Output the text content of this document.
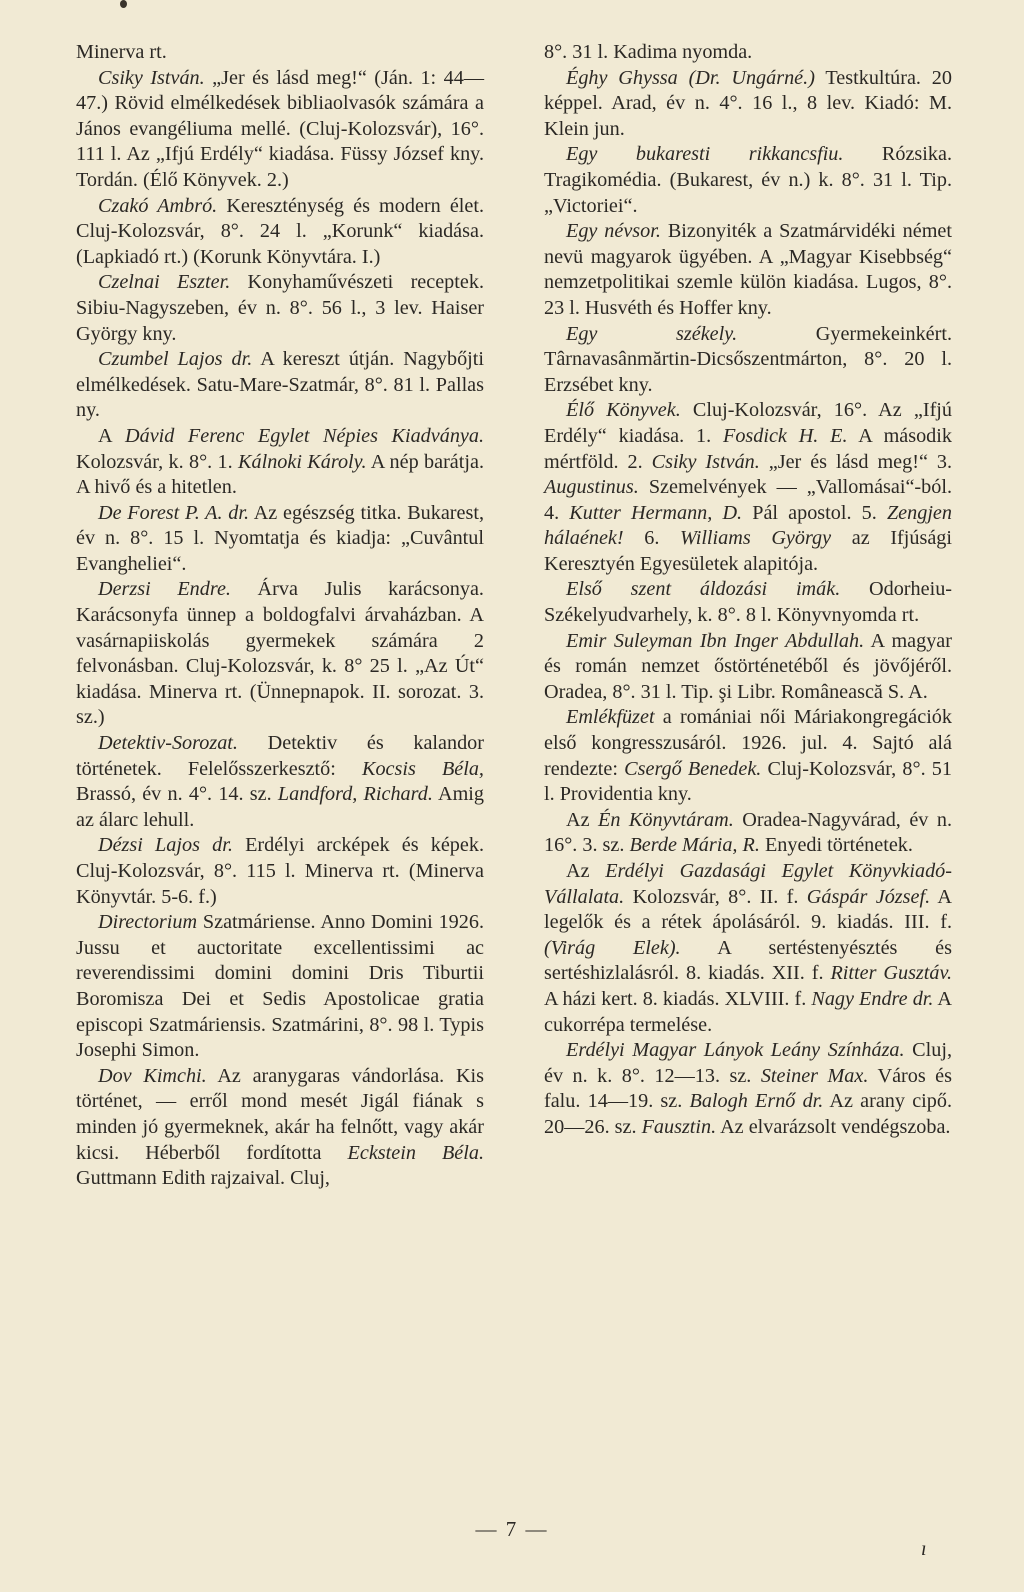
Minerva rt.

Csiky István. „Jer és lásd meg!“ (Ján. 1: 44—47.) Rövid elmélkedések bibliaolvasók számára a János evangéliuma mellé. (Cluj-Kolozsvár), 16°. 111 l. Az „Ifjú Erdély“ kiadása. Füssy József kny. Tordán. (Élő Könyvek. 2.)

Czakó Ambró. Kereszténység és modern élet. Cluj-Kolozsvár, 8°. 24 l. „Korunk“ kiadása. (Lapkiadó rt.) (Korunk Könyvtára. I.)

Czelnai Eszter. Konyhaművészeti receptek. Sibiu-Nagyszeben, év n. 8°. 56 l., 3 lev. Haiser György kny.

Czumbel Lajos dr. A kereszt útján. Nagybőjti elmélkedések. Satu-Mare-Szatmár, 8°. 81 l. Pallas ny.

A Dávid Ferenc Egylet Népies Kiadványa. Kolozsvár, k. 8°. 1. Kálnoki Károly. A nép barátja. A hivő és a hitetlen.

De Forest P. A. dr. Az egészség titka. Bukarest, év n. 8°. 15 l. Nyomtatja és kiadja: „Cuvântul Evangheliei“.

Derzsi Endre. Árva Julis karácsonya. Karácsonyfa ünnep a boldogfalvi árvaházban. A vasárnapiiskolás gyermekek számára 2 felvonásban. Cluj-Kolozsvár, k. 8° 25 l. „Az Út“ kiadása. Minerva rt. (Ünnepnapok. II. sorozat. 3. sz.)

Detektiv-Sorozat. Detektiv és kalandor történetek. Felelősszerkesztő: Kocsis Béla, Brassó, év n. 4°. 14. sz. Landford, Richard. Amig az álarc lehull.

Dézsi Lajos dr. Erdélyi arcképek és képek. Cluj-Kolozsvár, 8°. 115 l. Minerva rt. (Minerva Könyvtár. 5-6. f.)

Directorium Szatmáriense. Anno Domini 1926. Jussu et auctoritate excellentissimi ac reverendissimi domini domini Dris Tiburtii Boromisza Dei et Sedis Apostolicae gratia episcopi Szatmáriensis. Szatmárini, 8°. 98 l. Typis Josephi Simon.

Dov Kimchi. Az aranygaras vándorlása. Kis történet, — erről mond mesét Jigál fiának s minden jó gyermeknek, akár ha felnőtt, vagy akár kicsi. Héberből fordította Eckstein Béla. Guttmann Edith rajzaival. Cluj,

8°. 31 l. Kadima nyomda.

Éghy Ghyssa (Dr. Ungárné.) Testkultúra. 20 képpel. Arad, év n. 4°. 16 l., 8 lev. Kiadó: M. Klein jun.

Egy bukaresti rikkancsfiu. Rózsika. Tragikomédia. (Bukarest, év n.) k. 8°. 31 l. Tip. „Victoriei“.

Egy névsor. Bizonyiték a Szatmárvidéki német nevü magyarok ügyében. A „Magyar Kisebbség“ nemzetpolitikai szemle külön kiadása. Lugos, 8°. 23 l. Husvéth és Hoffer kny.

Egy székely. Gyermekeinkért. Târnavasânmărtin-Dicsőszentmárton, 8°. 20 l. Erzsébet kny.

Élő Könyvek. Cluj-Kolozsvár, 16°. Az „Ifjú Erdély“ kiadása. 1. Fosdick H. E. A második mértföld. 2. Csiky István. „Jer és lásd meg!“ 3. Augustinus. Szemelvények — „Vallomásai“-ból. 4. Kutter Hermann, D. Pál apostol. 5. Zengjen hálaének! 6. Williams György az Ifjúsági Keresztyén Egyesületek alapitója.

Első szent áldozási imák. Odorheiu-Székelyudvarhely, k. 8°. 8 l. Könyvnyomda rt.

Emir Suleyman Ibn Inger Abdullah. A magyar és román nemzet őstörténetéből és jövőjéről. Oradea, 8°. 31 l. Tip. şi Libr. Românească S. A.

Emlékfüzet a romániai női Máriakongregációk első kongresszusáról. 1926. jul. 4. Sajtó alá rendezte: Csergő Benedek. Cluj-Kolozsvár, 8°. 51 l. Providentia kny.

Az Én Könyvtáram. Oradea-Nagyvárad, év n. 16°. 3. sz. Berde Mária, R. Enyedi történetek.

Az Erdélyi Gazdasági Egylet Könyvkiadó-Vállalata. Kolozsvár, 8°. II. f. Gáspár József. A legelők és a rétek ápolásáról. 9. kiadás. III. f. (Virág Elek). A sertéstenyésztés és sertéshizlalásról. 8. kiadás. XII. f. Ritter Gusztáv. A házi kert. 8. kiadás. XLVIII. f. Nagy Endre dr. A cukorrépa termelése.

Erdélyi Magyar Lányok Leány Színháza. Cluj, év n. k. 8°. 12—13. sz. Steiner Max. Város és falu. 14—19. sz. Balogh Ernő dr. Az arany cipő. 20—26. sz. Fausztin. Az elvarázsolt vendégszoba.

— 7 —
ı
